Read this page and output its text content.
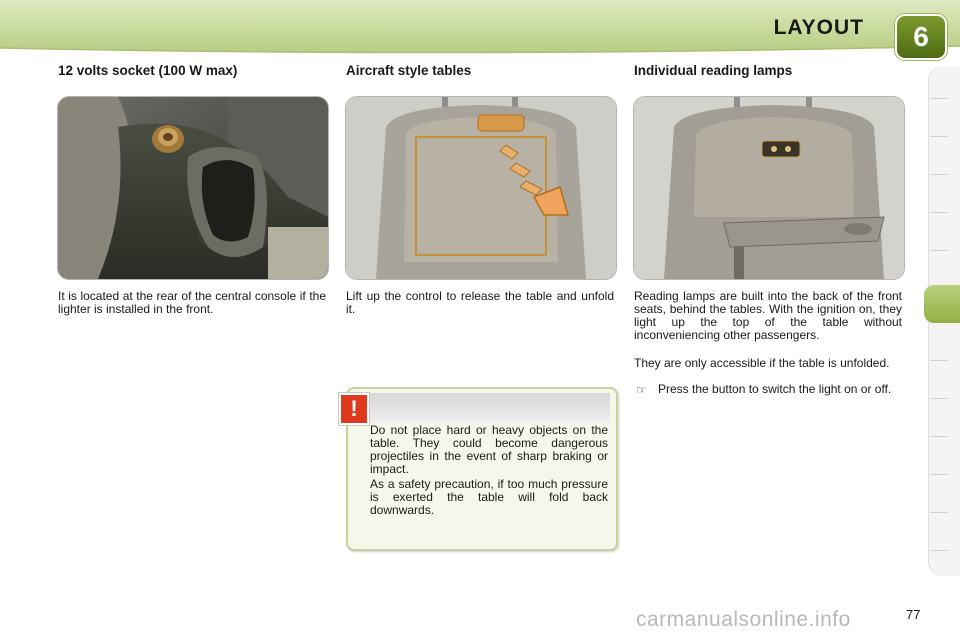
LAYOUT	6
12 volts socket (100 W max)	Aircraft style tables	Individual reading lamps
It is located at the rear of the central console if the lighter is installed in the front.
Lift up the control to release the table and unfold it.
Reading lamps are built into the back of the front seats, behind the tables. With the ignition on, they light up the top of the table without inconveniencing other passengers.
They are only accessible if the table is unfolded.
☞ Press the button to switch the light on or off.
!
Do not place hard or heavy objects on the table. They could become dangerous projectiles in the event of sharp braking or impact.
As a safety precaution, if too much pressure is exerted the table will fold back downwards.
carmanualsonline.info	77
